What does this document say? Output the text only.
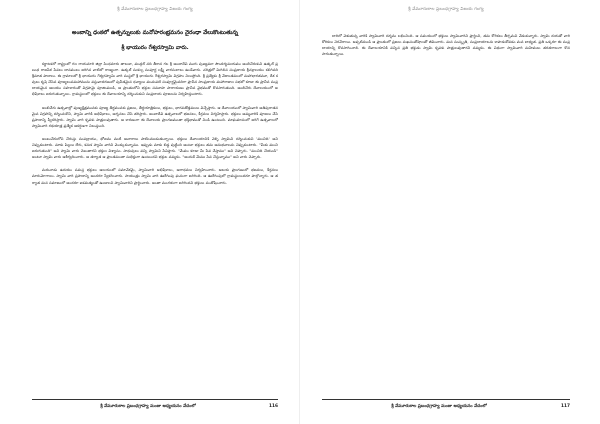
శ్రీ వేమూరుకాల ప్రబంధగ్రాహ్య విజయ గంగ్య
అంబాన్ని ధంకలో ఉత్పన్నులుకు మనోహరంభ్రమనం నైరంధా వేలుకొంటుతున్న
శ్రీ భాయురం గేశ్వరస్వామి వారు.

కర్ణాటకలో రాష్ట్రంలో గల రాయచూరి జిల్లా సింధనూరు తాలుకా, ముద్గల్ నది తీరాన గల శ్రీ అంబాదేవి ముగు పుణ్యమూ సౌందర్యమయము అంబిచేరుకుని ఉత్కల్ ప్రబంధ రాజపీఠ సేవలు దానములు జరిగిన వాటిలో రాణ్యంగా. ఉత్కల్ సంకల్ప సంపూర్ణ లక్ష్మీ వారసులాలు ఉండేవారు. చరిత్రలో మిగిలిన సంప్రదాయ శ్రీచక్రాలయం కలిగినది శ్రీమాత పాదాలు. ఈ గ్రామాలలో శ్రీ భాయురం గేశ్వరస్వామి వారి సంస్థలో శ్రీ భాయురం గేశ్వరస్వామి విగ్రహం నిలుస్తోంది. శ్రీ ప్రత్యేకం శ్రీ వేదాంతమంలో మహాభారతమూ, దేశ కవులు కృషి చేసిన పూజ్యలుసమహామును వస్తువాదరణులో పునీతమైన ధన్యాలు మునుపటి సంపూర్ణమైనదిగా ప్రాచీన సాంప్రదాయ మహారాజుల సభలో కూడా ఈ ప్రాచీన సంప్రదాయమైన ఆలయం సహకారంతో విగ్రహమై పూజింపబడి, ఆ ప్రాంతంలోని భక్తుల సమూహ పారాయణం ప్రాచీన వైభవంతో కొనసాగుతుంది. అంబిచేరు దేవాలయంలో అభిషేకాలు జరుగుతున్నాయి. గ్రామస్థులలో భక్తులు ఈ దేవాలయాన్ని దర్శించుకుని సంప్రదాయ పూజలను నిర్వహిస్తుంటారు.

అంబిచేరు ఉత్సవాల్లో పుణ్యక్షేత్రమునకు పూజ్య తీర్థమునకు ప్రజలు, తీర్థయాత్రికులు, భక్తులు, భాగవతోత్తములు విచ్చేస్తారు. ఆ దేవాలయంలో స్వామివారి అతిపురాతనమైన విగ్రహాన్ని దర్శించుకొని, స్వామి వారికి అభిషేకాలు, అర్చనలు చేసి తరిస్తారు. అంబాదేవి ఉత్సవాలలో భజనలు, కీర్తనలు నిర్వహిస్తారు. భక్తులు అమ్మవారికి పూజలు చేసి ప్రసాదాన్ని స్వీకరిస్తారు. స్వామి వారి కృపకు పాత్రులవుతారు. ఆ కారణంగా ఈ దేవాలయ ప్రాంగణమంతా భక్తిభావంతో నిండి ఉంటుంది. మాఘమాసంలో జరిగే ఉత్సవాలలో స్వామివారి రథయాత్ర ప్రత్యేక ఆకర్షణగా నిలుస్తుంది.

అంబుచేరులోని చేరుస్తు సంపద్రాయం, భోజనం వంటి ఆచారాలు పాటించబడుతున్నాయి. భక్తులు దేవాలయానికి వెళ్ళి స్వామిని దర్శించుకుని 'మంచిది' అని చెప్పుకుంటారు. మాకు పిల్లలు లేరు, కనుక స్వామి వారిని మొక్కుకున్నాము. ఇప్పుడు మాకు బిడ్డ పుట్టింది అంటూ భక్తులు తమ అనుభవాలను చెప్పుకుంటారు. "మీకు మంచి జరుగుతుంది" అని స్వామి వారు చెబుతారని భక్తుల విశ్వాసం. సాధువులు వచ్చి స్వామిని సేవిస్తారు. "మేము కూడా మీ సేవ చేస్తాము" అని చెప్పారు. "మంచిది చేయండి" అంటూ స్వామి వారు ఆశీర్వదించారు. ఆ తర్వాత ఆ ప్రాంతమంతా సుభిక్షంగా ఉంటుందని భక్తుల నమ్మకం. "అందుకే మేము సేవ చేస్తున్నాము" అని వారు చెప్పారు.

మరునాడు ఉదయం సమస్త భక్తులు ఆలయంలో సమావేశమై, స్వామివారి అభిషేకాలు, ఆరాధనలు నిర్వహించారు. ఆలయ ప్రాంగణంలో భజనలు, కీర్తనలు మారుమోగాయి. స్వామి వారి ప్రసాదాన్ని అందరూ స్వీకరించారు. సాయంత్రం స్వామి వారి ఊరేగింపు ఘనంగా జరిగింది. ఆ ఊరేగింపులో గ్రామస్థులందరూ పాల్గొన్నారు. ఆ తర్వాత మన సమాజంలో అందరూ ఐకమత్యంతో ఉండాలని స్వామివారిని ప్రార్థించారు. అంతా మంగళంగా జరిగిందని భక్తులు సంతోషించారు.

శ్రీ వేమూరుకాల ప్రబంధగ్రాహ్య మంజు అధ్యయనం వేదంలో	116
శ్రీ వేమూరుకాల ప్రబంధగ్రాహ్య విజయ గంగ్య

దారిలో వెళుతున్న వారికి స్వామివారి దర్శనం లభించింది. ఆ సమయంలో భక్తులు స్వామివారిని ప్రార్థించి, తమ కోరికలు తీర్చమని వేడుకున్నారు. స్వామి దయతో వారి కోరికలు నెరవేరాయి. అప్పటినుండి ఆ ప్రాంతంలో ప్రజలు సుఖసంతోషాలతో జీవించారు. మన సంస్కృతి, సంప్రదాయాలను కాపాడుకోవడం మన బాధ్యత. ప్రతి ఒక్కరూ ఈ సంప్రదాయాన్ని కొనసాగించాలి. ఈ దేవాలయానికి వచ్చిన ప్రతి భక్తుడు స్వామి కృపకు పాత్రులవుతారని నమ్మకం. ఈ విధంగా స్వామివారి మహిమలు తరతరాలుగా కొనసాగుతున్నాయి.

శ్రీ వేమూరుకాల ప్రబంధగ్రాహ్య మంజు అధ్యయనం వేదంలో	117
